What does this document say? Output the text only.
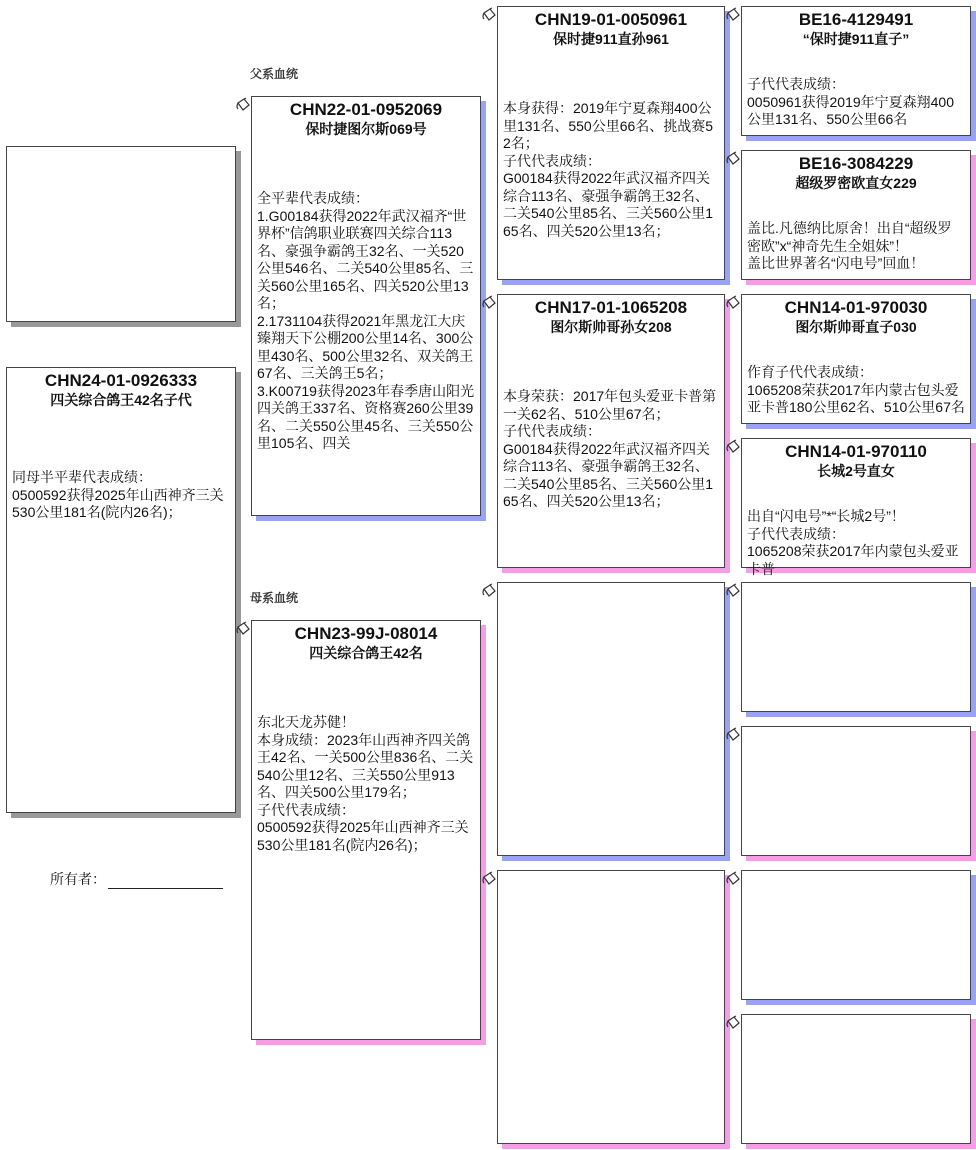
父系血统
母系血统
所有者：
CHN24-01-0926333
四关综合鸽王42名子代
同母半平辈代表成绩：
0500592获得2025年山西神齐三关530公里181名(院内26名)；
CHN22-01-0952069
保时捷图尔斯069号
全平辈代表成绩：
1.G00184获得2022年武汉福齐“世界杯”信鸽职业联赛四关综合113名、豪强争霸鸽王32名、一关520公里546名、二关540公里85名、三关560公里165名、四关520公里13名；
2.1731104获得2021年黑龙江大庆臻翔天下公棚200公里14名、300公里430名、500公里32名、双关鸽王67名、三关鸽王5名；
3.K00719获得2023年春季唐山阳光四关鸽王337名、资格赛260公里39名、二关550公里45名、三关550公里105名、四关
CHN23-99J-08014
四关综合鸽王42名
东北天龙苏健！
本身成绩：2023年山西神齐四关鸽王42名、一关500公里836名、二关540公里12名、三关550公里913名、四关500公里179名；
子代代表成绩：
0500592获得2025年山西神齐三关530公里181名(院内26名)；
CHN19-01-0050961
保时捷911直孙961
本身获得：2019年宁夏森翔400公里131名、550公里66名、挑战赛52名；
子代代表成绩：
G00184获得2022年武汉福齐四关综合113名、豪强争霸鸽王32名、二关540公里85名、三关560公里165名、四关520公里13名；
CHN17-01-1065208
图尔斯帅哥孙女208
本身荣获：2017年包头爱亚卡普第一关62名、510公里67名；
子代代表成绩：
G00184获得2022年武汉福齐四关综合113名、豪强争霸鸽王32名、二关540公里85名、三关560公里165名、四关520公里13名；
BE16-4129491
“保时捷911直子”
子代代表成绩：
0050961获得2019年宁夏森翔400公里131名、550公里66名
BE16-3084229
超级罗密欧直女229
盖比.凡德纳比原舍！出自“超级罗密欧”x“神奇先生全姐妹”！
盖比世界著名“闪电号”回血！
CHN14-01-970030
图尔斯帅哥直子030
作育子代代表成绩：
1065208荣获2017年内蒙古包头爱亚卡普180公里62名、510公里67名
CHN14-01-970110
长城2号直女
出自“闪电号”*“长城2号”！
子代代表成绩：
1065208荣获2017年内蒙包头爱亚卡普
